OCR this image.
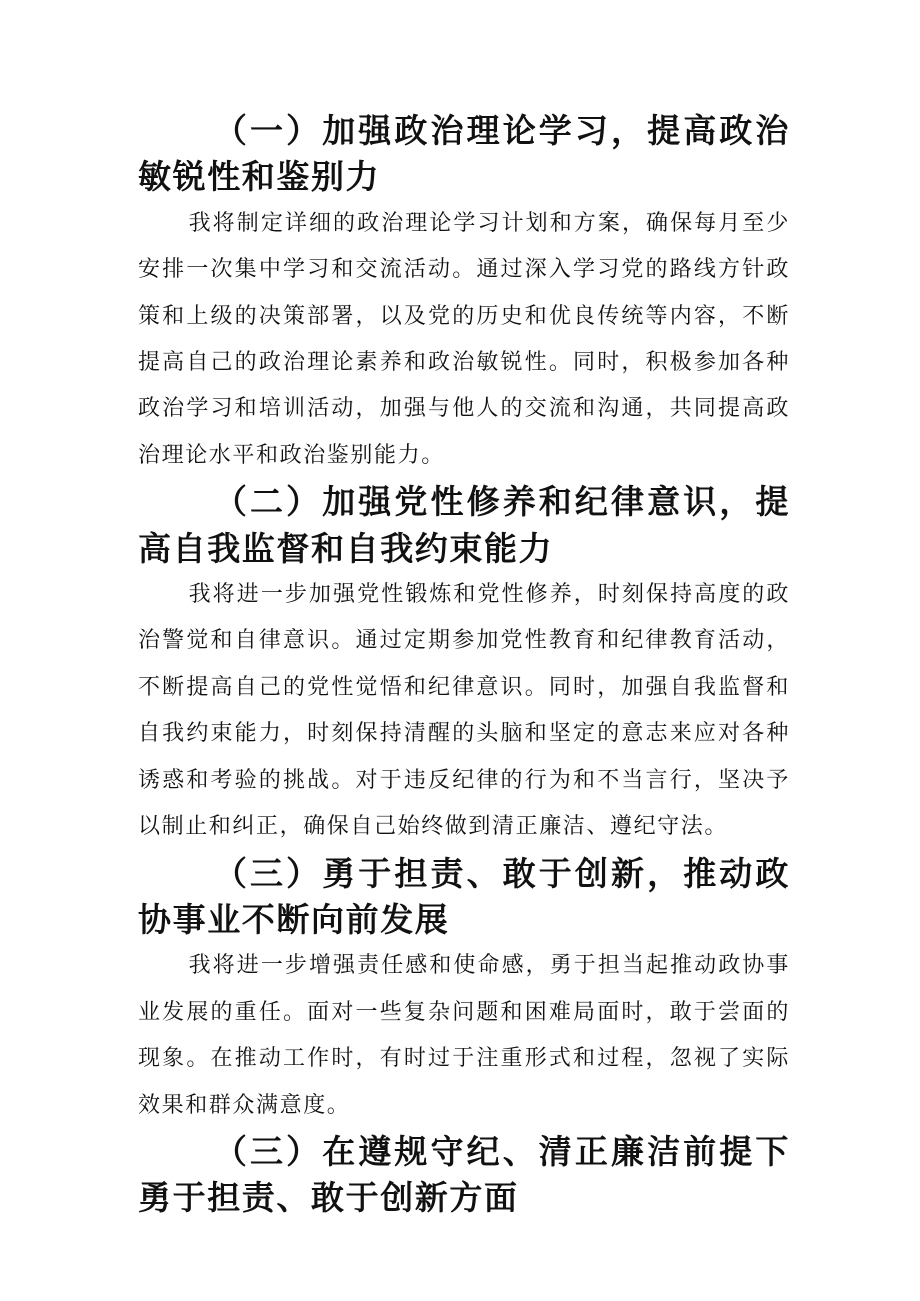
（一）加强政治理论学习，提高政治敏锐性和鉴别力

我将制定详细的政治理论学习计划和方案，确保每月至少安排一次集中学习和交流活动。通过深入学习党的路线方针政策和上级的决策部署，以及党的历史和优良传统等内容，不断提高自己的政治理论素养和政治敏锐性。同时，积极参加各种政治学习和培训活动，加强与他人的交流和沟通，共同提高政治理论水平和政治鉴别能力。

（二）加强党性修养和纪律意识，提高自我监督和自我约束能力

我将进一步加强党性锻炼和党性修养，时刻保持高度的政治警觉和自律意识。通过定期参加党性教育和纪律教育活动，不断提高自己的党性觉悟和纪律意识。同时，加强自我监督和自我约束能力，时刻保持清醒的头脑和坚定的意志来应对各种诱惑和考验的挑战。对于违反纪律的行为和不当言行，坚决予以制止和纠正，确保自己始终做到清正廉洁、遵纪守法。

（三）勇于担责、敢于创新，推动政协事业不断向前发展

我将进一步增强责任感和使命感，勇于担当起推动政协事业发展的重任。面对一些复杂问题和困难局面时，敢于尝面的现象。在推动工作时，有时过于注重形式和过程，忽视了实际效果和群众满意度。

（三）在遵规守纪、清正廉洁前提下勇于担责、敢于创新方面
